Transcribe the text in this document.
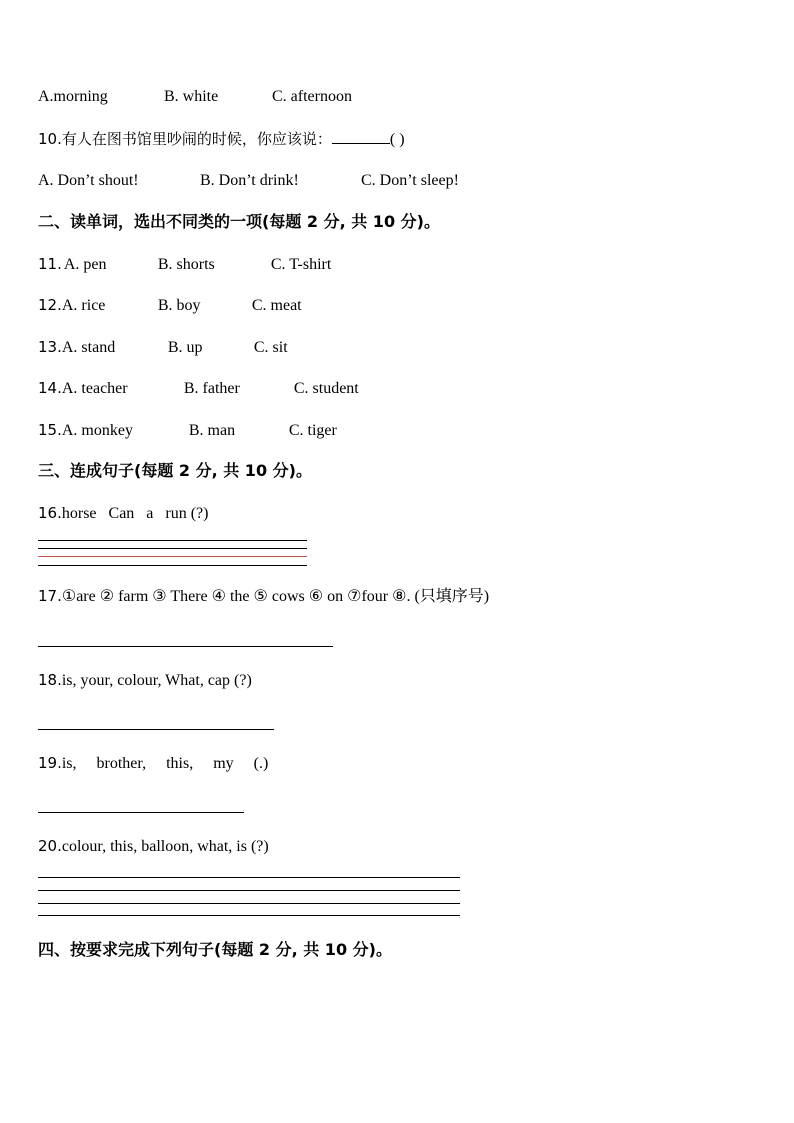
A.morning	B. white	C. afternoon
10.有人在图书馆里吵闹的时候，你应该说：	( )
A. Don’t shout!	B. Don’t drink!	C. Don’t sleep!
二、读单词，选出不同类的一项(每题 2 分, 共 10 分)。
11. A. pen	B. shorts	C. T-shirt
12.A. rice	B. boy	C. meat
13.A. stand	B. up	C. sit
14.A. teacher	B. father	C. student
15.A. monkey	B. man	C. tiger
三、连成句子(每题 2 分, 共 10 分)。
16.horse   Can   a   run (?)
17.①are ② farm ③ There ④ the ⑤ cows ⑥ on ⑦four ⑧. (只填序号)
18.is, your, colour, What, cap (?)
19.is,     brother,     this,     my     (.)
20.colour, this, balloon, what, is (?)
四、按要求完成下列句子(每题 2 分, 共 10 分)。
